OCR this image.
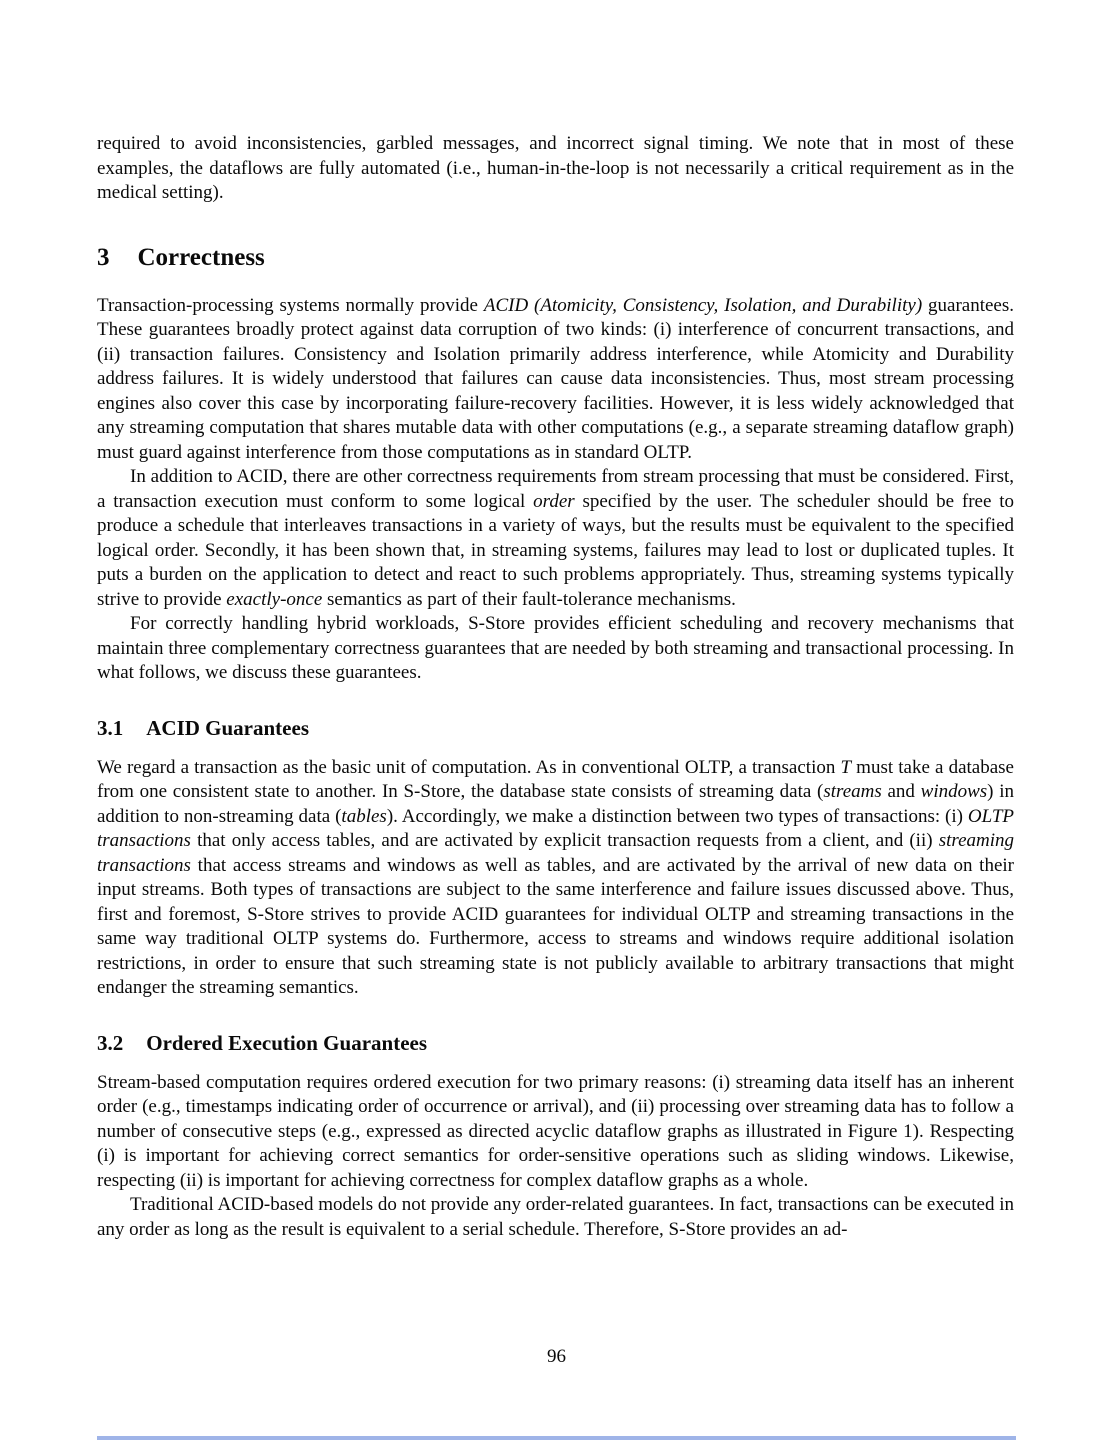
required to avoid inconsistencies, garbled messages, and incorrect signal timing. We note that in most of these examples, the dataflows are fully automated (i.e., human-in-the-loop is not necessarily a critical requirement as in the medical setting).

3 Correctness

Transaction-processing systems normally provide ACID (Atomicity, Consistency, Isolation, and Durability) guarantees. These guarantees broadly protect against data corruption of two kinds: (i) interference of concurrent transactions, and (ii) transaction failures. Consistency and Isolation primarily address interference, while Atomicity and Durability address failures. It is widely understood that failures can cause data inconsistencies. Thus, most stream processing engines also cover this case by incorporating failure-recovery facilities. However, it is less widely acknowledged that any streaming computation that shares mutable data with other computations (e.g., a separate streaming dataflow graph) must guard against interference from those computations as in standard OLTP.

In addition to ACID, there are other correctness requirements from stream processing that must be considered. First, a transaction execution must conform to some logical order specified by the user. The scheduler should be free to produce a schedule that interleaves transactions in a variety of ways, but the results must be equivalent to the specified logical order. Secondly, it has been shown that, in streaming systems, failures may lead to lost or duplicated tuples. It puts a burden on the application to detect and react to such problems appropriately. Thus, streaming systems typically strive to provide exactly-once semantics as part of their fault-tolerance mechanisms.

For correctly handling hybrid workloads, S-Store provides efficient scheduling and recovery mechanisms that maintain three complementary correctness guarantees that are needed by both streaming and transactional processing. In what follows, we discuss these guarantees.

3.1 ACID Guarantees

We regard a transaction as the basic unit of computation. As in conventional OLTP, a transaction T must take a database from one consistent state to another. In S-Store, the database state consists of streaming data (streams and windows) in addition to non-streaming data (tables). Accordingly, we make a distinction between two types of transactions: (i) OLTP transactions that only access tables, and are activated by explicit transaction requests from a client, and (ii) streaming transactions that access streams and windows as well as tables, and are activated by the arrival of new data on their input streams. Both types of transactions are subject to the same interference and failure issues discussed above. Thus, first and foremost, S-Store strives to provide ACID guarantees for individual OLTP and streaming transactions in the same way traditional OLTP systems do. Furthermore, access to streams and windows require additional isolation restrictions, in order to ensure that such streaming state is not publicly available to arbitrary transactions that might endanger the streaming semantics.

3.2 Ordered Execution Guarantees

Stream-based computation requires ordered execution for two primary reasons: (i) streaming data itself has an inherent order (e.g., timestamps indicating order of occurrence or arrival), and (ii) processing over streaming data has to follow a number of consecutive steps (e.g., expressed as directed acyclic dataflow graphs as illustrated in Figure 1). Respecting (i) is important for achieving correct semantics for order-sensitive operations such as sliding windows. Likewise, respecting (ii) is important for achieving correctness for complex dataflow graphs as a whole.

Traditional ACID-based models do not provide any order-related guarantees. In fact, transactions can be executed in any order as long as the result is equivalent to a serial schedule. Therefore, S-Store provides an ad-

96
